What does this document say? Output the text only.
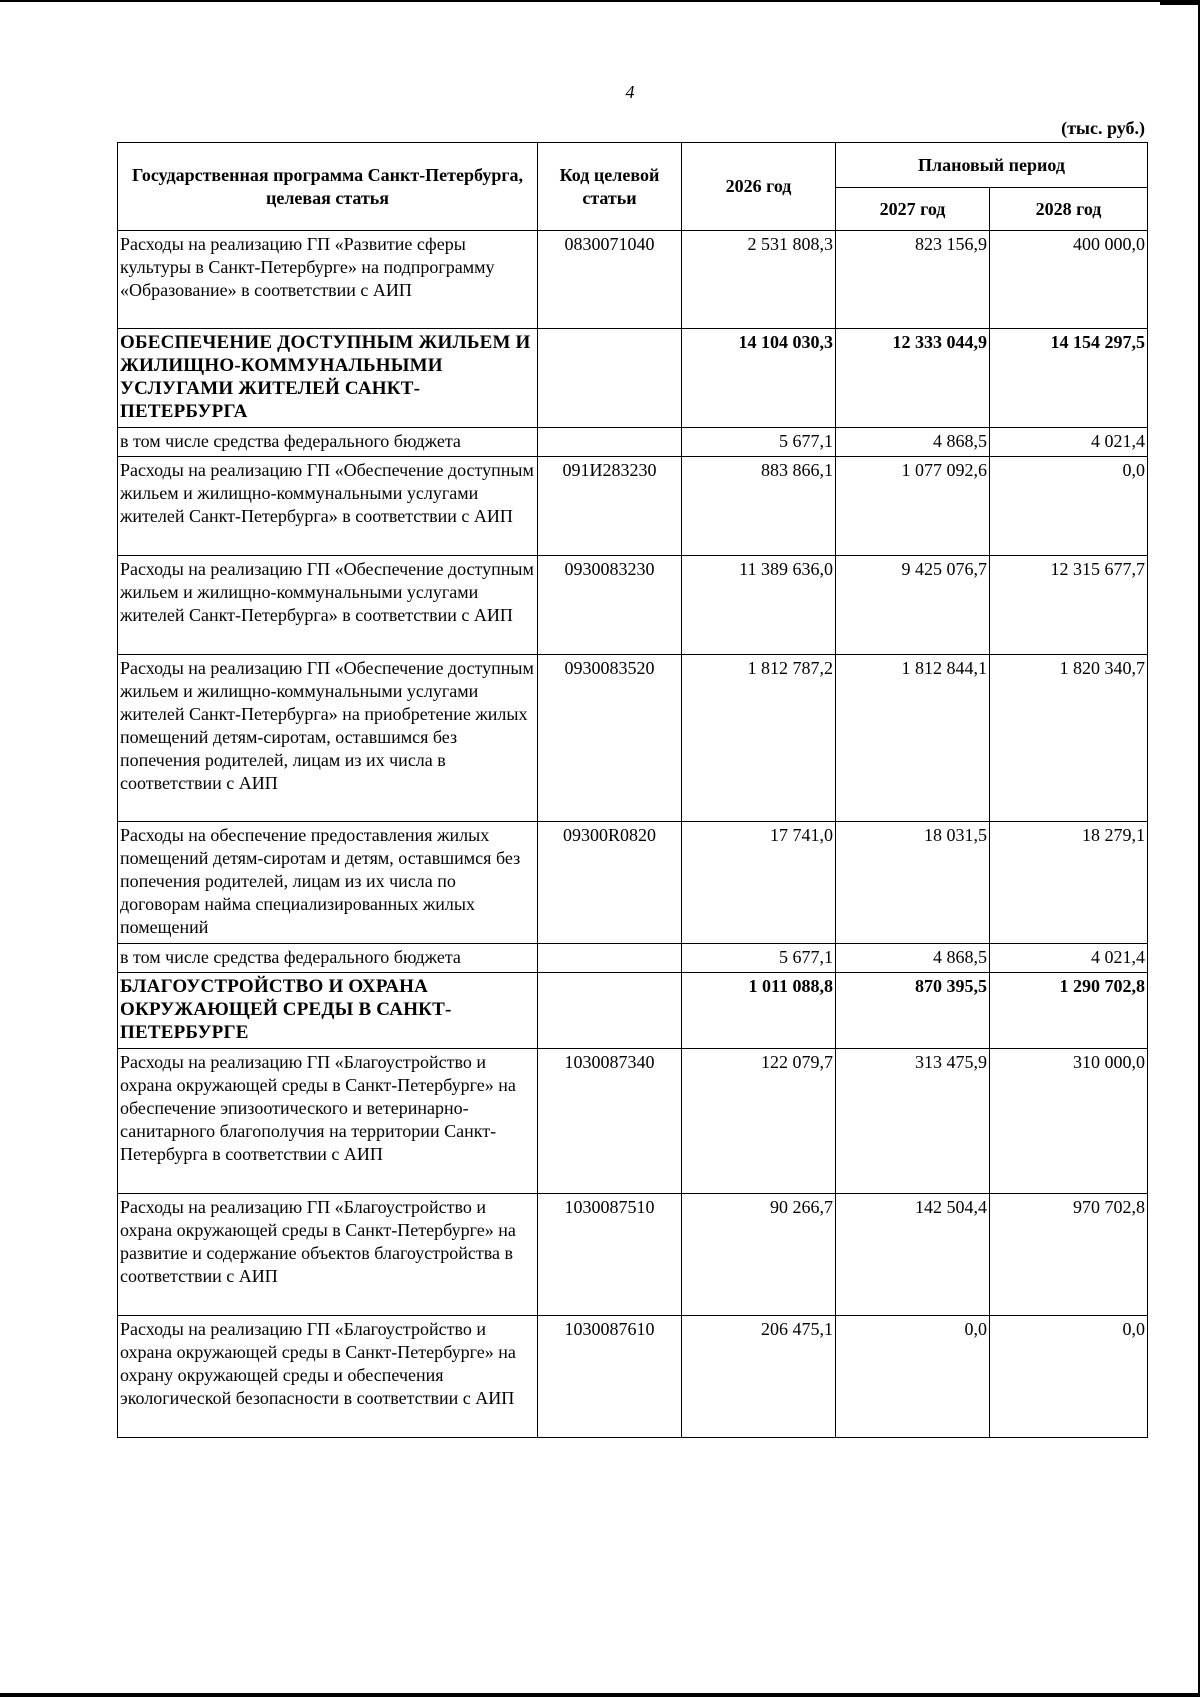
4
(тыс. руб.)
Государственная программа Санкт-Петербурга, целевая статья	Код целевой статьи	2026 год	Плановый период	
			2027 год	2028 год
Расходы на реализацию ГП «Развитие сферы культуры в Санкт-Петербурге» на подпрограмму «Образование» в соответствии с АИП	0830071040	2 531 808,3	823 156,9	400 000,0
ОБЕСПЕЧЕНИЕ ДОСТУПНЫМ ЖИЛЬЕМ И ЖИЛИЩНО-КОММУНАЛЬНЫМИ УСЛУГАМИ ЖИТЕЛЕЙ САНКТ-ПЕТЕРБУРГА		14 104 030,3	12 333 044,9	14 154 297,5
в том числе средства федерального бюджета		5 677,1	4 868,5	4 021,4
Расходы на реализацию ГП «Обеспечение доступным жильем и жилищно-коммунальными услугами жителей Санкт-Петербурга» в соответствии с АИП	091И283230	883 866,1	1 077 092,6	0,0
Расходы на реализацию ГП «Обеспечение доступным жильем и жилищно-коммунальными услугами жителей Санкт-Петербурга» в соответствии с АИП	0930083230	11 389 636,0	9 425 076,7	12 315 677,7
Расходы на реализацию ГП «Обеспечение доступным жильем и жилищно-коммунальными услугами жителей Санкт-Петербурга» на приобретение жилых помещений детям-сиротам, оставшимся без попечения родителей, лицам из их числа в соответствии с АИП	0930083520	1 812 787,2	1 812 844,1	1 820 340,7
Расходы на обеспечение предоставления жилых помещений детям-сиротам и детям, оставшимся без попечения родителей, лицам из их числа по договорам найма специализированных жилых помещений	09300R0820	17 741,0	18 031,5	18 279,1
в том числе средства федерального бюджета		5 677,1	4 868,5	4 021,4
БЛАГОУСТРОЙСТВО И ОХРАНА ОКРУЖАЮЩЕЙ СРЕДЫ В САНКТ-ПЕТЕРБУРГЕ		1 011 088,8	870 395,5	1 290 702,8
Расходы на реализацию ГП «Благоустройство и охрана окружающей среды в Санкт-Петербурге» на обеспечение эпизоотического и ветеринарно-санитарного благополучия на территории Санкт-Петербурга в соответствии с АИП	1030087340	122 079,7	313 475,9	310 000,0
Расходы на реализацию ГП «Благоустройство и охрана окружающей среды в Санкт-Петербурге» на развитие и содержание объектов благоустройства в соответствии с АИП	1030087510	90 266,7	142 504,4	970 702,8
Расходы на реализацию ГП «Благоустройство и охрана окружающей среды в Санкт-Петербурге» на охрану окружающей среды и обеспечения экологической безопасности в соответствии с АИП	1030087610	206 475,1	0,0	0,0
